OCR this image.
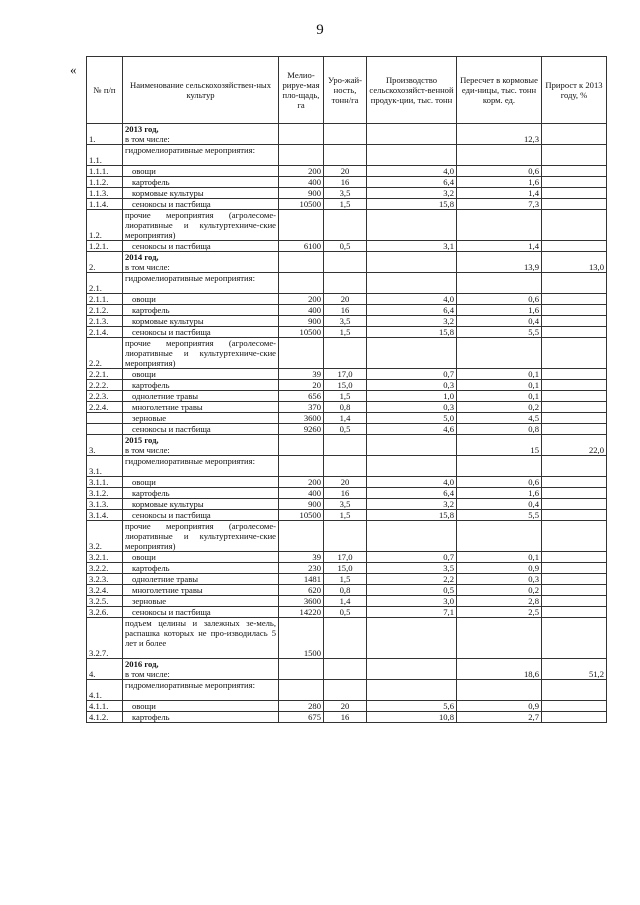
9
«
№ п/п	Наименование сельскохозяйствен-ных культур	Мелио-рируе-мая пло-щадь, га	Уро-жай-ность, тонн/га	Производство сельскохозяйст-венной продук-ции, тыс. тонн	Пересчет в кормовые еди-ницы, тыс. тонн корм. ед.	Прирост к 2013 году, %
1.	2013 год,
в том числе:				12,3	
1.1.	гидромелиоративные мероприятия:					
1.1.1.	овощи	200	20	4,0	0,6	
1.1.2.	картофель	400	16	6,4	1,6	
1.1.3.	кормовые культуры	900	3,5	3,2	1,4	
1.1.4.	сенокосы и пастбища	10500	1,5	15,8	7,3	
1.2.	прочие мероприятия (агролесоме-лиоративные и культуртехниче-ские мероприятия)					
1.2.1.	сенокосы и пастбища	6100	0,5	3,1	1,4	
2.	2014 год,
в том числе:				13,9	13,0
2.1.	гидромелиоративные мероприятия:					
2.1.1.	овощи	200	20	4,0	0,6	
2.1.2.	картофель	400	16	6,4	1,6	
2.1.3.	кормовые культуры	900	3,5	3,2	0,4	
2.1.4.	сенокосы и пастбища	10500	1,5	15,8	5,5	
2.2.	прочие мероприятия (агролесоме-лиоративные и культуртехниче-ские мероприятия)					
2.2.1.	овощи	39	17,0	0,7	0,1	
2.2.2.	картофель	20	15,0	0,3	0,1	
2.2.3.	однолетние травы	656	1,5	1,0	0,1	
2.2.4.	многолетние травы	370	0,8	0,3	0,2	
	зерновые	3600	1,4	5,0	4,5	
	сенокосы и пастбища	9260	0,5	4,6	0,8	
3.	2015 год,
в том числе:				15	22,0
3.1.	гидромелиоративные мероприятия:					
3.1.1.	овощи	200	20	4,0	0,6	
3.1.2.	картофель	400	16	6,4	1,6	
3.1.3.	кормовые культуры	900	3,5	3,2	0,4	
3.1.4.	сенокосы и пастбища	10500	1,5	15,8	5,5	
3.2.	прочие мероприятия (агролесоме-лиоративные и культуртехниче-ские мероприятия)					
3.2.1.	овощи	39	17,0	0,7	0,1	
3.2.2.	картофель	230	15,0	3,5	0,9	
3.2.3.	однолетние травы	1481	1,5	2,2	0,3	
3.2.4.	многолетние травы	620	0,8	0,5	0,2	
3.2.5.	зерновые	3600	1,4	3,0	2,8	
3.2.6.	сенокосы и пастбища	14220	0,5	7,1	2,5	
3.2.7.	подъем целины и залежных зе-мель, распашка которых не про-изводилась 5 лет и более	1500				
4.	2016 год,
в том числе:				18,6	51,2
4.1.	гидромелиоративные мероприятия:					
4.1.1.	овощи	280	20	5,6	0,9	
4.1.2.	картофель	675	16	10,8	2,7	
